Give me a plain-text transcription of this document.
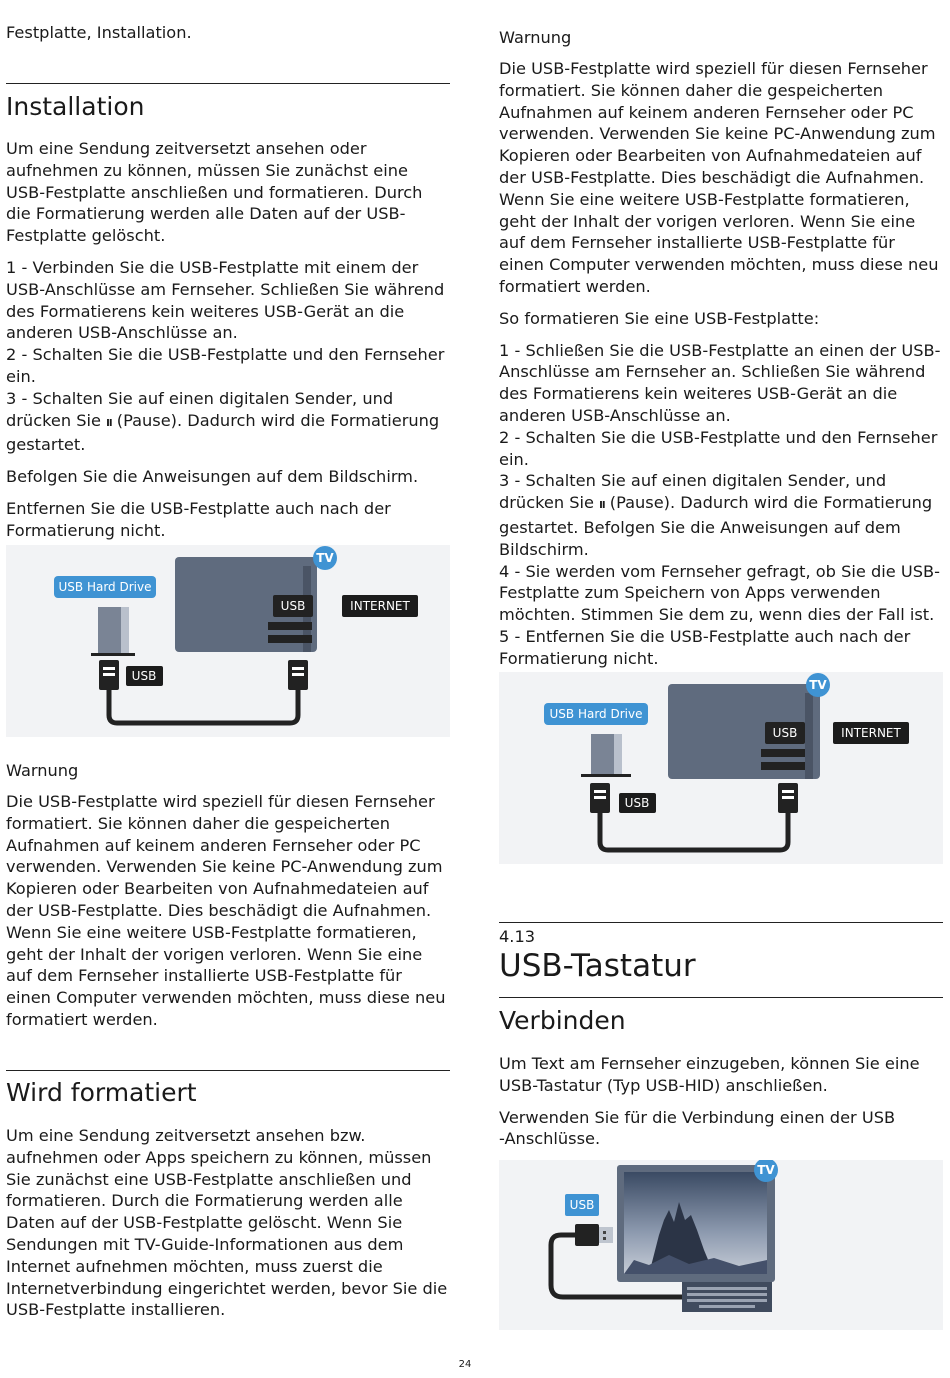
Festplatte, Installation.

Installation

Um eine Sendung zeitversetzt ansehen oder aufnehmen zu können, müssen Sie zunächst eine USB-Festplatte anschließen und formatieren. Durch die Formatierung werden alle Daten auf der USB-Festplatte gelöscht.

1 - Verbinden Sie die USB-Festplatte mit einem der USB-Anschlüsse am Fernseher. Schließen Sie während des Formatierens kein weiteres USB-Gerät an die anderen USB-Anschlüsse an.

2 - Schalten Sie die USB-Festplatte und den Fernseher ein.

3 - Schalten Sie auf einen digitalen Sender, und drücken Sie II (Pause). Dadurch wird die Formatierung gestartet.

Befolgen Sie die Anweisungen auf dem Bildschirm.

Entfernen Sie die USB-Festplatte auch nach der Formatierung nicht.

TV
USB	INTERNET
USB Hard Drive
USB

Warnung

Die USB-Festplatte wird speziell für diesen Fernseher formatiert. Sie können daher die gespeicherten Aufnahmen auf keinem anderen Fernseher oder PC verwenden. Verwenden Sie keine PC-Anwendung zum Kopieren oder Bearbeiten von Aufnahmedateien auf der USB-Festplatte. Dies beschädigt die Aufnahmen. Wenn Sie eine weitere USB-Festplatte formatieren, geht der Inhalt der vorigen verloren. Wenn Sie eine auf dem Fernseher installierte USB-Festplatte für einen Computer verwenden möchten, muss diese neu formatiert werden.

Wird formatiert

Um eine Sendung zeitversetzt ansehen bzw. aufnehmen oder Apps speichern zu können, müssen Sie zunächst eine USB-Festplatte anschließen und formatieren. Durch die Formatierung werden alle Daten auf der USB-Festplatte gelöscht. Wenn Sie Sendungen mit TV-Guide-Informationen aus dem Internet aufnehmen möchten, muss zuerst die Internetverbindung eingerichtet werden, bevor Sie die USB-Festplatte installieren.

Warnung

Die USB-Festplatte wird speziell für diesen Fernseher formatiert. Sie können daher die gespeicherten Aufnahmen auf keinem anderen Fernseher oder PC verwenden. Verwenden Sie keine PC-Anwendung zum Kopieren oder Bearbeiten von Aufnahmedateien auf der USB-Festplatte. Dies beschädigt die Aufnahmen. Wenn Sie eine weitere USB-Festplatte formatieren, geht der Inhalt der vorigen verloren. Wenn Sie eine auf dem Fernseher installierte USB-Festplatte für einen Computer verwenden möchten, muss diese neu formatiert werden.

So formatieren Sie eine USB-Festplatte:

1 - Schließen Sie die USB-Festplatte an einen der USB-Anschlüsse am Fernseher an. Schließen Sie während des Formatierens kein weiteres USB-Gerät an die anderen USB-Anschlüsse an.

2 - Schalten Sie die USB-Festplatte und den Fernseher ein.

3 - Schalten Sie auf einen digitalen Sender, und drücken Sie II (Pause). Dadurch wird die Formatierung gestartet. Befolgen Sie die Anweisungen auf dem Bildschirm.

4 - Sie werden vom Fernseher gefragt, ob Sie die USB-Festplatte zum Speichern von Apps verwenden möchten. Stimmen Sie dem zu, wenn dies der Fall ist.

5 - Entfernen Sie die USB-Festplatte auch nach der Formatierung nicht.

TV
USB	INTERNET
USB Hard Drive
USB

4.13

USB-Tastatur
Verbinden

Um Text am Fernseher einzugeben, können Sie eine USB-Tastatur (Typ USB-HID) anschließen.

Verwenden Sie für die Verbindung einen der USB
-Anschlüsse.

TV
USB
24
